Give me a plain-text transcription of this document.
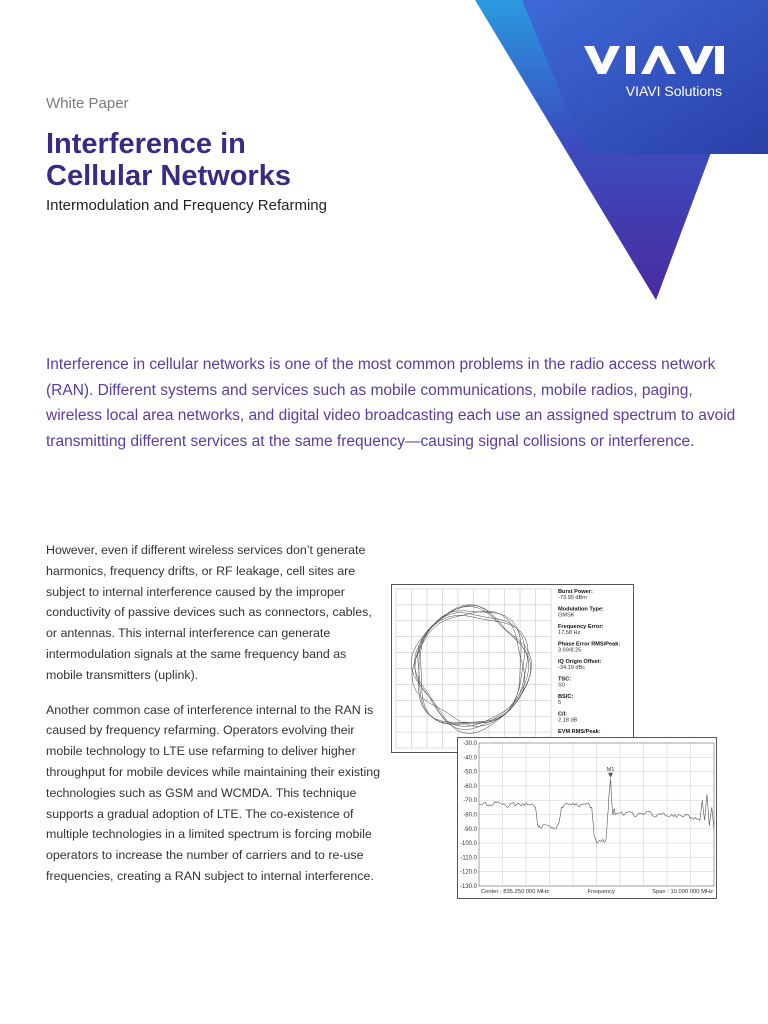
VIAVI Solutions
White Paper
Interference in
Cellular Networks
Intermodulation and Frequency Refarming

Interference in cellular networks is one of the most common problems in the radio access network (RAN). Different systems and services such as mobile communications, mobile radios, paging, wireless local area networks, and digital video broadcasting each use an assigned spectrum to avoid transmitting different services at the same frequency—causing signal collisions or interference.

However, even if different wireless services don’t generate harmonics, frequency drifts, or RF leakage, cell sites are subject to internal interference caused by the improper conductivity of passive devices such as connectors, cables, or antennas. This internal interference can generate intermodulation signals at the same frequency band as mobile transmitters (uplink).

Another common case of interference internal to the RAN is caused by frequency refarming. Operators evolving their mobile technology to LTE use refarming to deliver higher throughput for mobile devices while maintaining their existing technologies such as GSM and WCMDA. This technique supports a gradual adoption of LTE. The co-existence of multiple technologies in a limited spectrum is forcing mobile operators to increase the number of carriers and to re-use frequencies, creating a RAN subject to internal interference.

Burst Power:
-73.95 dBm
Modulation Type:
GMSK
Frequency Error:
17.58 Hz
Phase Error RMS/Peak:
3.69/8.25
IQ Origin Offset:
-34.19 dBc
TSC:
S0
BSIC:
5
C/I:
2.18 dB
EVM RMS/Peak:
-30.0
-40.0
-50.0
-60.0
-70.0
-80.0
-90.0
-100.0
-110.0
-120.0
-130.0
M1
Center : 835.250 000 MHz	Frequency	Span : 10.000 000 MHz
